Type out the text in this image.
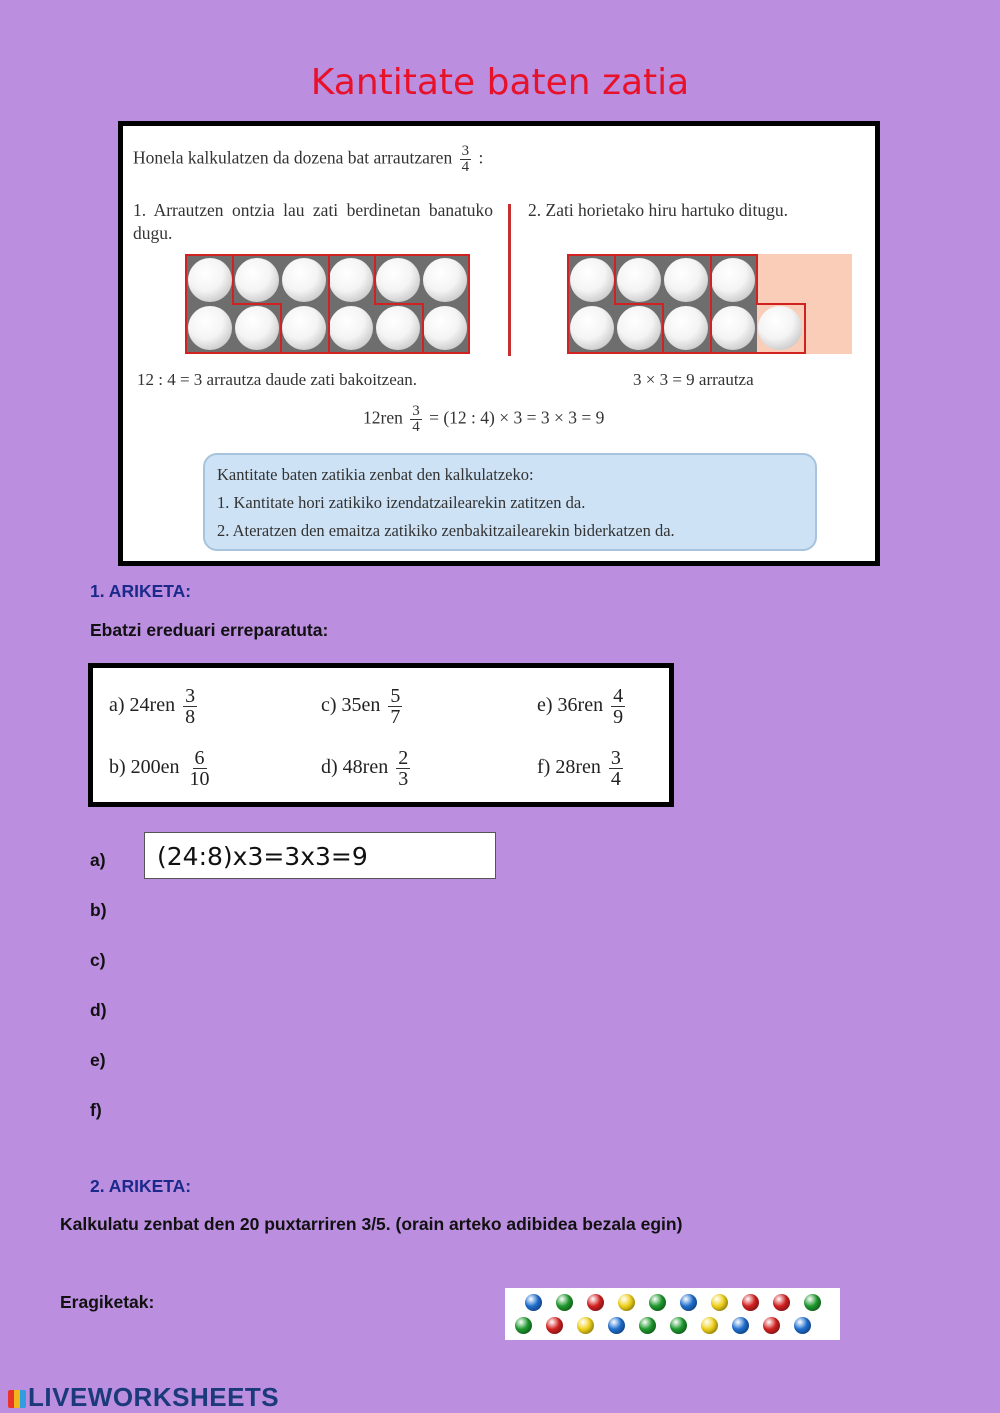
Kantitate baten zatia
Honela kalkulatzen da dozena bat arrautzaren $\frac{3}{4}$ :
1. Arrautzen ontzia lau zati berdinetan banatuko dugu.
2. Zati horietako hiru hartuko ditugu.
12 : 4 = 3 arrautza daude zati bakoitzean.	3 × 3 = 9 arrautza
$12ren \frac{3}{4} = (12$ : 4) × 3 = 3 × 3 = 9
Kantitate baten zatikia zenbat den kalkulatzeko:
1. Kantitate hori zatikiko izendatzailearekin zatitzen da.
2. Ateratzen den emaitza zatikiko zenbakitzailearekin biderkatzen da.
1. ARIKETA:
Ebatzi ereduari erreparatuta:
a) $24ren \frac{3}{8}$	c) $35en \frac{5}{7}$	e) $36ren \frac{4}{9}$
b) $200en \frac{6}{10}$	d) $48ren \frac{2}{3}$	f) $28ren \frac{3}{4}$
a)	(24:8)x3=3x3=9
b)
c)
d)
e)
f)
2. ARIKETA:
Kalkulatu zenbat den 20 puxtarriren 3/5. (orain arteko adibidea bezala egin)
Eragiketak:
LIVEWORKSHEETS
